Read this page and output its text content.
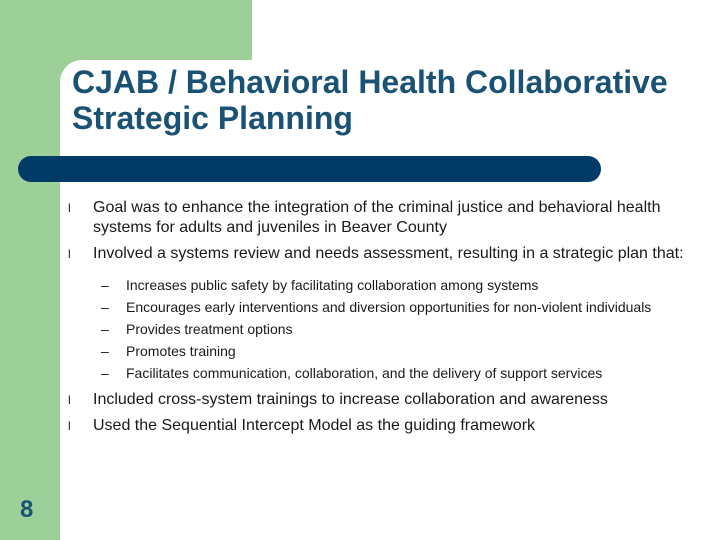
CJAB / Behavioral Health Collaborative Strategic Planning
l Goal was to enhance the integration of the criminal justice and behavioral health systems for adults and juveniles in Beaver County
l Involved a systems review and needs assessment, resulting in a strategic plan that:
– Increases public safety by facilitating collaboration among systems
– Encourages early interventions and diversion opportunities for non-violent individuals
– Provides treatment options
– Promotes training
– Facilitates communication, collaboration, and the delivery of support services
l Included cross-system trainings to increase collaboration and awareness
l Used the Sequential Intercept Model as the guiding framework
8
